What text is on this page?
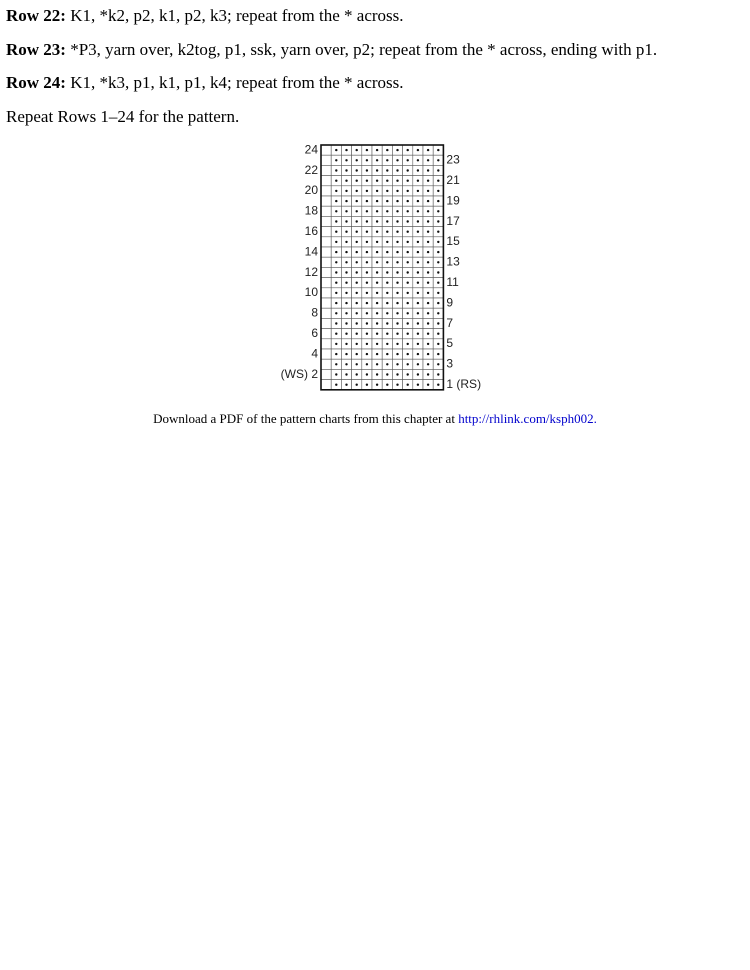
Row 22: K1, *k2, p2, k1, p2, k3; repeat from the * across.

Row 23: *P3, yarn over, k2tog, p1, ssk, yarn over, p2; repeat from the * across, ending with p1.

Row 24: K1, *k3, p1, k1, p1, k4; repeat from the * across.

Repeat Rows 1–24 for the pattern.

24
23
22
21
20
19
18
17
16
15
14
13
12
11
10
9
8
7
6
5
4
3
(WS) 2
1 (RS)
Download a PDF of the pattern charts from this chapter at http://rhlink.com/ksph002.
